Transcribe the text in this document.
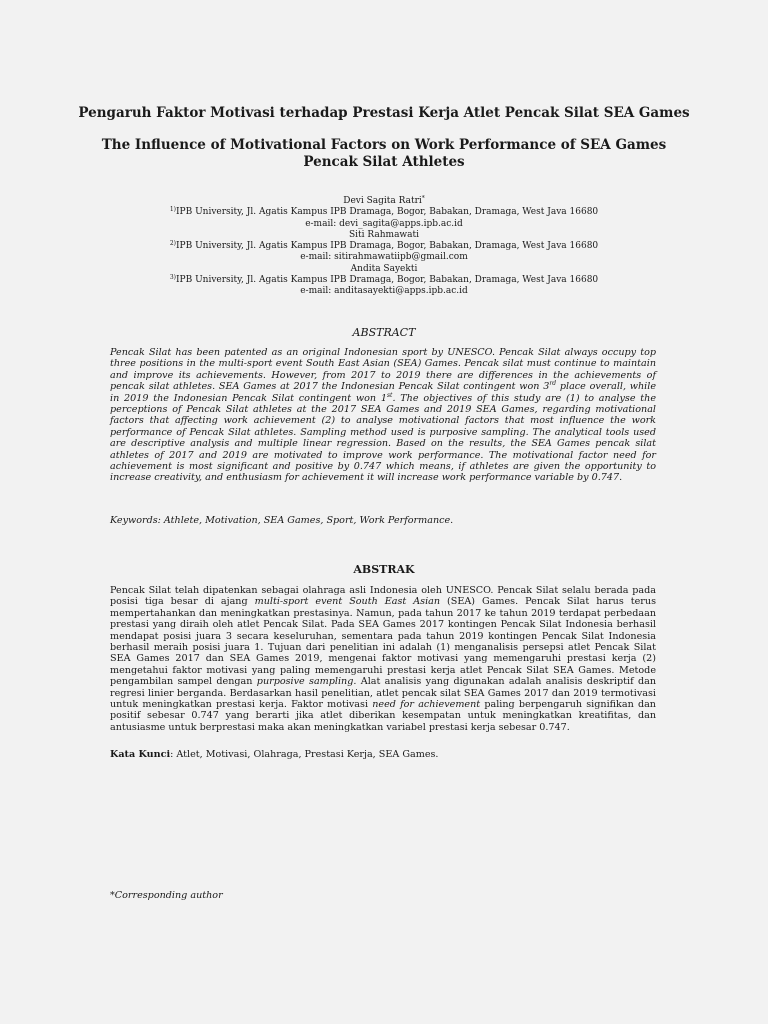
Pengaruh Faktor Motivasi terhadap Prestasi Kerja Atlet Pencak Silat SEA Games
The Influence of Motivational Factors on Work Performance of SEA Games Pencak Silat Athletes
Devi Sagita Ratri*
$^{1)}$IPB University, Jl. Agatis Kampus IPB Dramaga, Bogor, Babakan, Dramaga, West Java 16680
e-mail: devi_sagita@apps.ipb.ac.id
Siti Rahmawati
$^{2)}$IPB University, Jl. Agatis Kampus IPB Dramaga, Bogor, Babakan, Dramaga, West Java 16680
e-mail: sitirahmawatiipb@gmail.com
Andita Sayekti
$^{3)}$IPB University, Jl. Agatis Kampus IPB Dramaga, Bogor, Babakan, Dramaga, West Java 16680
e-mail: anditasayekti@apps.ipb.ac.id
ABSTRACT
Pencak Silat has been patented as an original Indonesian sport by UNESCO. Pencak Silat always occupy top three positions in the multi-sport event South East Asian (SEA) Games. Pencak silat must continue to maintain and improve its achievements. However, from 2017 to 2019 there are differences in the achievements of pencak silat athletes. SEA Games at 2017 the Indonesian Pencak Silat contingent won 3rd place overall, while in 2019 the Indonesian Pencak Silat contingent won 1st. The objectives of this study are (1) to analyse the perceptions of Pencak Silat athletes at the 2017 SEA Games and 2019 SEA Games, regarding motivational factors that affecting work achievement (2) to analyse motivational factors that most influence the work performance of Pencak Silat athletes. Sampling method used is purposive sampling. The analytical tools used are descriptive analysis and multiple linear regression. Based on the results, the SEA Games pencak silat athletes of 2017 and 2019 are motivated to improve work performance. The motivational factor need for achievement is most significant and positive by 0.747 which means, if athletes are given the opportunity to increase creativity, and enthusiasm for achievement it will increase work performance variable by 0.747.
Keywords: Athlete, Motivation, SEA Games, Sport, Work Performance.
ABSTRAK
Pencak Silat telah dipatenkan sebagai olahraga asli Indonesia oleh UNESCO. Pencak Silat selalu berada pada posisi tiga besar di ajang multi-sport event South East Asian (SEA) Games. Pencak Silat harus terus mempertahankan dan meningkatkan prestasinya. Namun, pada tahun 2017 ke tahun 2019 terdapat perbedaan prestasi yang diraih oleh atlet Pencak Silat. Pada SEA Games 2017 kontingen Pencak Silat Indonesia berhasil mendapat posisi juara 3 secara keseluruhan, sementara pada tahun 2019 kontingen Pencak Silat Indonesia berhasil meraih posisi juara 1. Tujuan dari penelitian ini adalah (1) menganalisis persepsi atlet Pencak Silat SEA Games 2017 dan SEA Games 2019, mengenai faktor motivasi yang memengaruhi prestasi kerja (2) mengetahui faktor motivasi yang paling memengaruhi prestasi kerja atlet Pencak Silat SEA Games. Metode pengambilan sampel dengan purposive sampling. Alat analisis yang digunakan adalah analisis deskriptif dan regresi linier berganda. Berdasarkan hasil penelitian, atlet pencak silat SEA Games 2017 dan 2019 termotivasi untuk meningkatkan prestasi kerja. Faktor motivasi need for achievement paling berpengaruh signifikan dan positif sebesar 0.747 yang berarti jika atlet diberikan kesempatan untuk meningkatkan kreatifitas, dan antusiasme untuk berprestasi maka akan meningkatkan variabel prestasi kerja sebesar 0.747.
Kata Kunci: Atlet, Motivasi, Olahraga, Prestasi Kerja, SEA Games.
*Corresponding author
